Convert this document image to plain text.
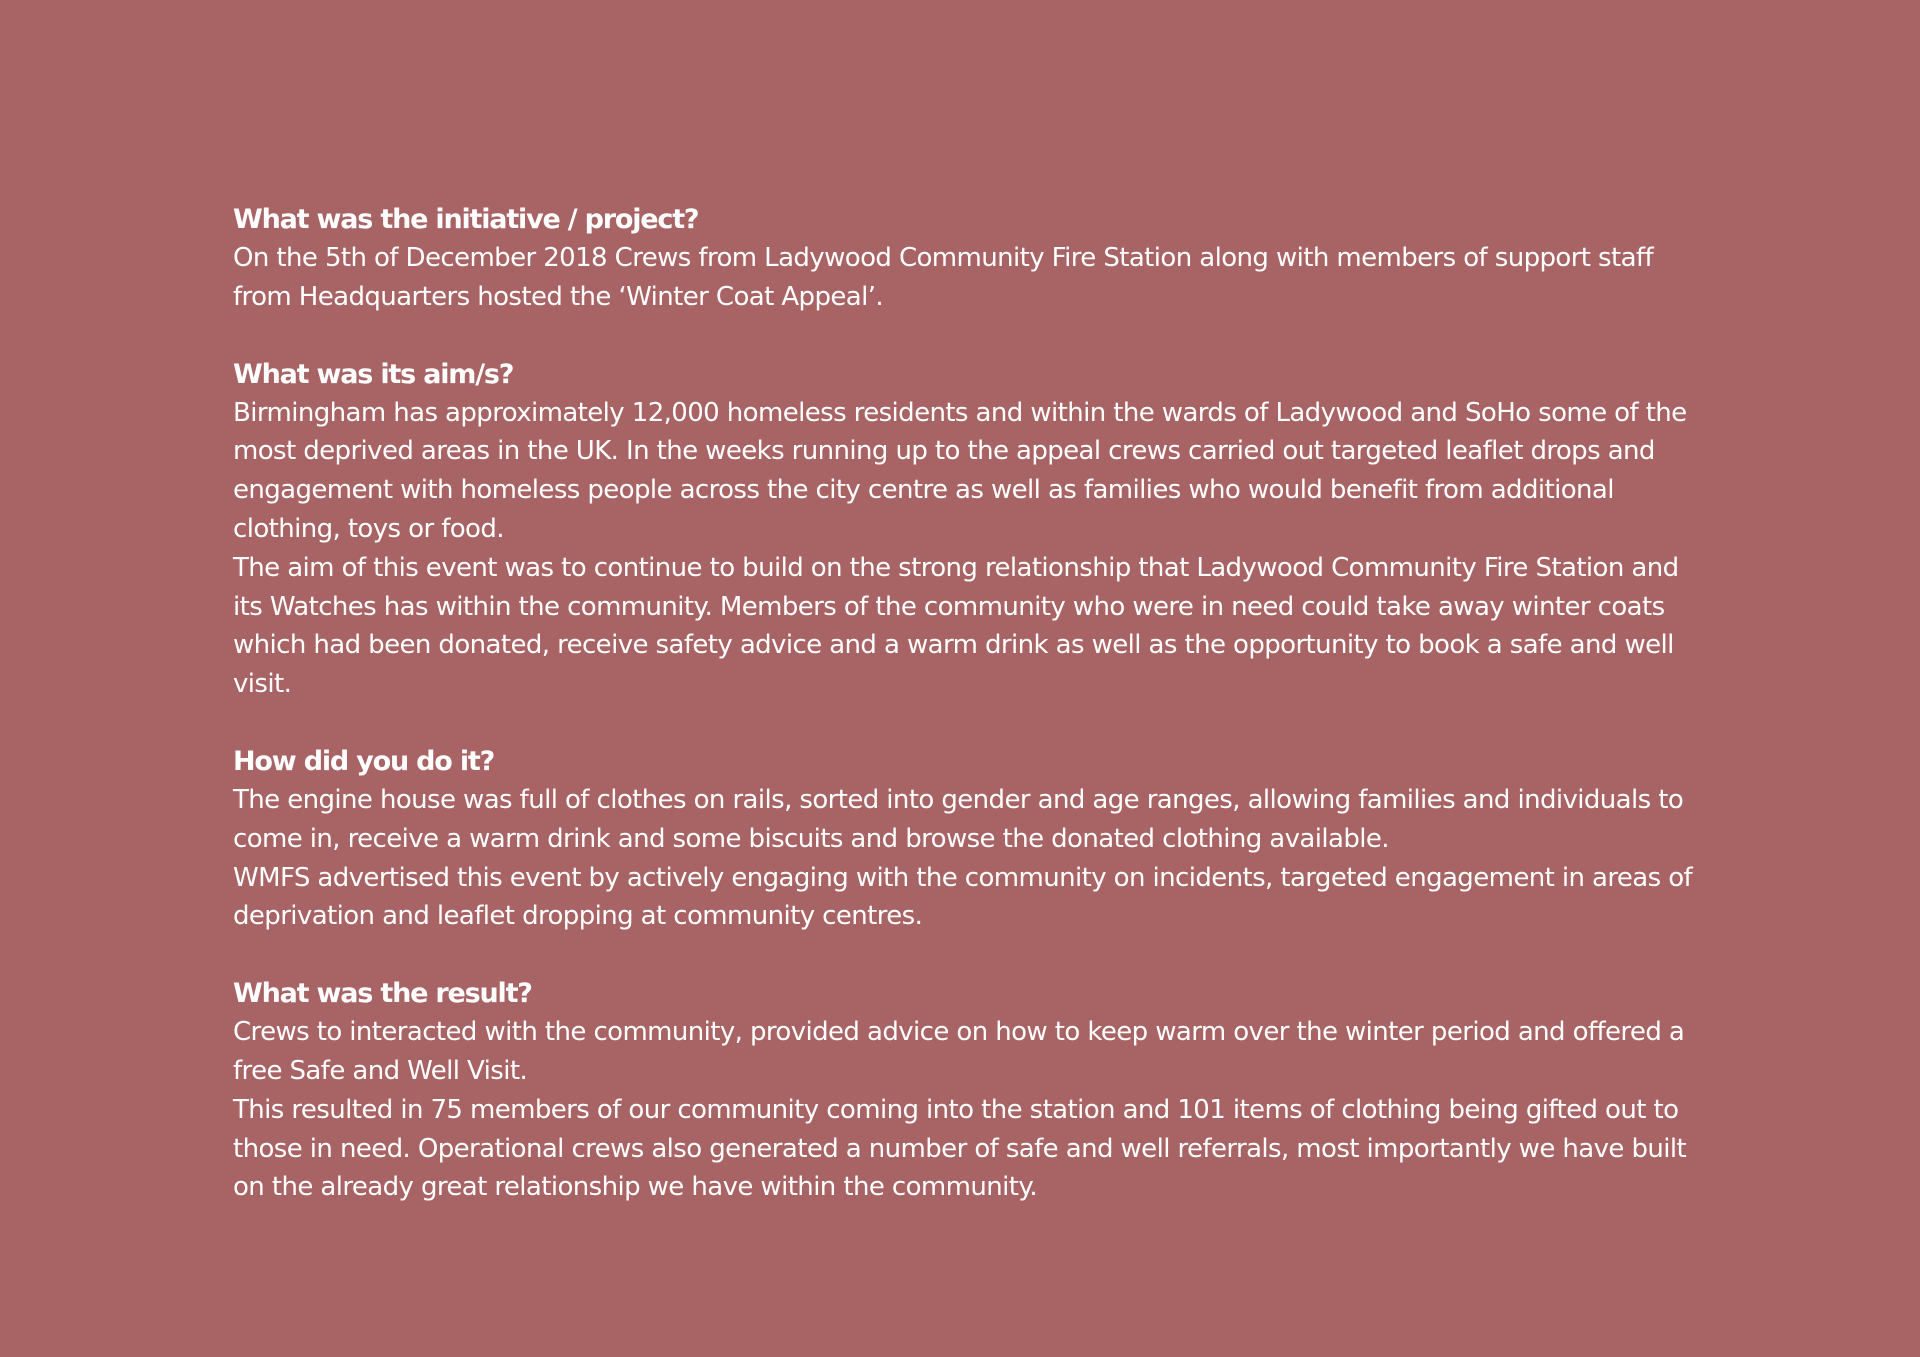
What was the initiative / project?

On the 5th of December 2018 Crews from Ladywood Community Fire Station along with members of support staff from Headquarters hosted the ‘Winter Coat Appeal’.

What was its aim/s?

Birmingham has approximately 12,000 homeless residents and within the wards of Ladywood and SoHo some of the most deprived areas in the UK. In the weeks running up to the appeal crews carried out targeted leaflet drops and engagement with homeless people across the city centre as well as families who would benefit from additional clothing, toys or food.

The aim of this event was to continue to build on the strong relationship that Ladywood Community Fire Station and its Watches has within the community. Members of the community who were in need could take away winter coats which had been donated, receive safety advice and a warm drink as well as the opportunity to book a safe and well visit.

How did you do it?

The engine house was full of clothes on rails, sorted into gender and age ranges, allowing families and individuals to come in, receive a warm drink and some biscuits and browse the donated clothing available.

WMFS advertised this event by actively engaging with the community on incidents, targeted engagement in areas of deprivation and leaflet dropping at community centres.

What was the result?

Crews to interacted with the community, provided advice on how to keep warm over the winter period and offered a free Safe and Well Visit.

This resulted in 75 members of our community coming into the station and 101 items of clothing being gifted out to those in need. Operational crews also generated a number of safe and well referrals, most importantly we have built on the already great relationship we have within the community.
